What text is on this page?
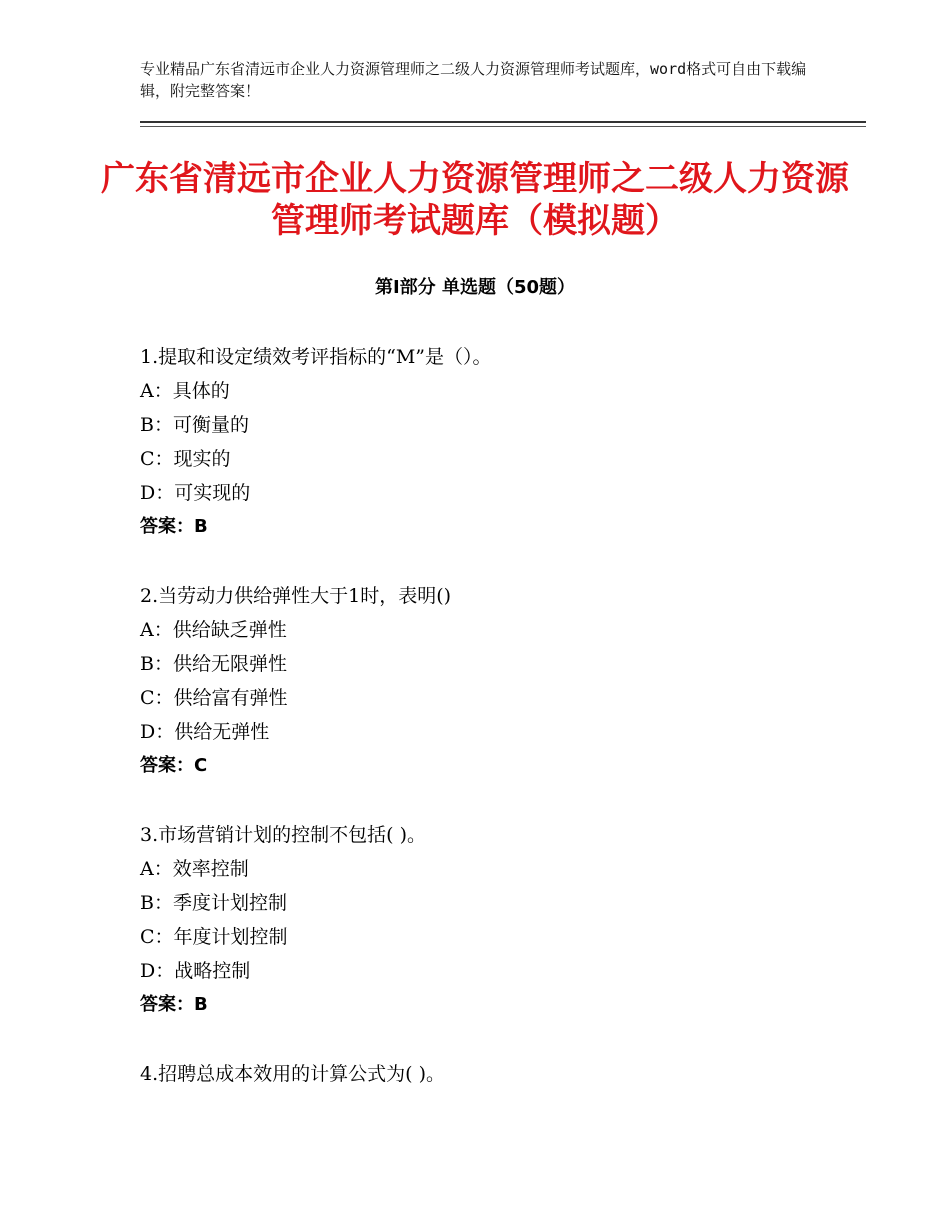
专业精品广东省清远市企业人力资源管理师之二级人力资源管理师考试题库，word格式可自由下载编辑，附完整答案！
广东省清远市企业人力资源管理师之二级人力资源管理师考试题库（模拟题）
第Ⅰ部分 单选题（50题）
1.提取和设定绩效考评指标的“M”是（）。
A：具体的
B：可衡量的
C：现实的
D：可实现的
答案：B
2.当劳动力供给弹性大于1时，表明()
A：供给缺乏弹性
B：供给无限弹性
C：供给富有弹性
D：供给无弹性
答案：C
3.市场营销计划的控制不包括( )。
A：效率控制
B：季度计划控制
C：年度计划控制
D：战略控制
答案：B
4.招聘总成本效用的计算公式为( )。
